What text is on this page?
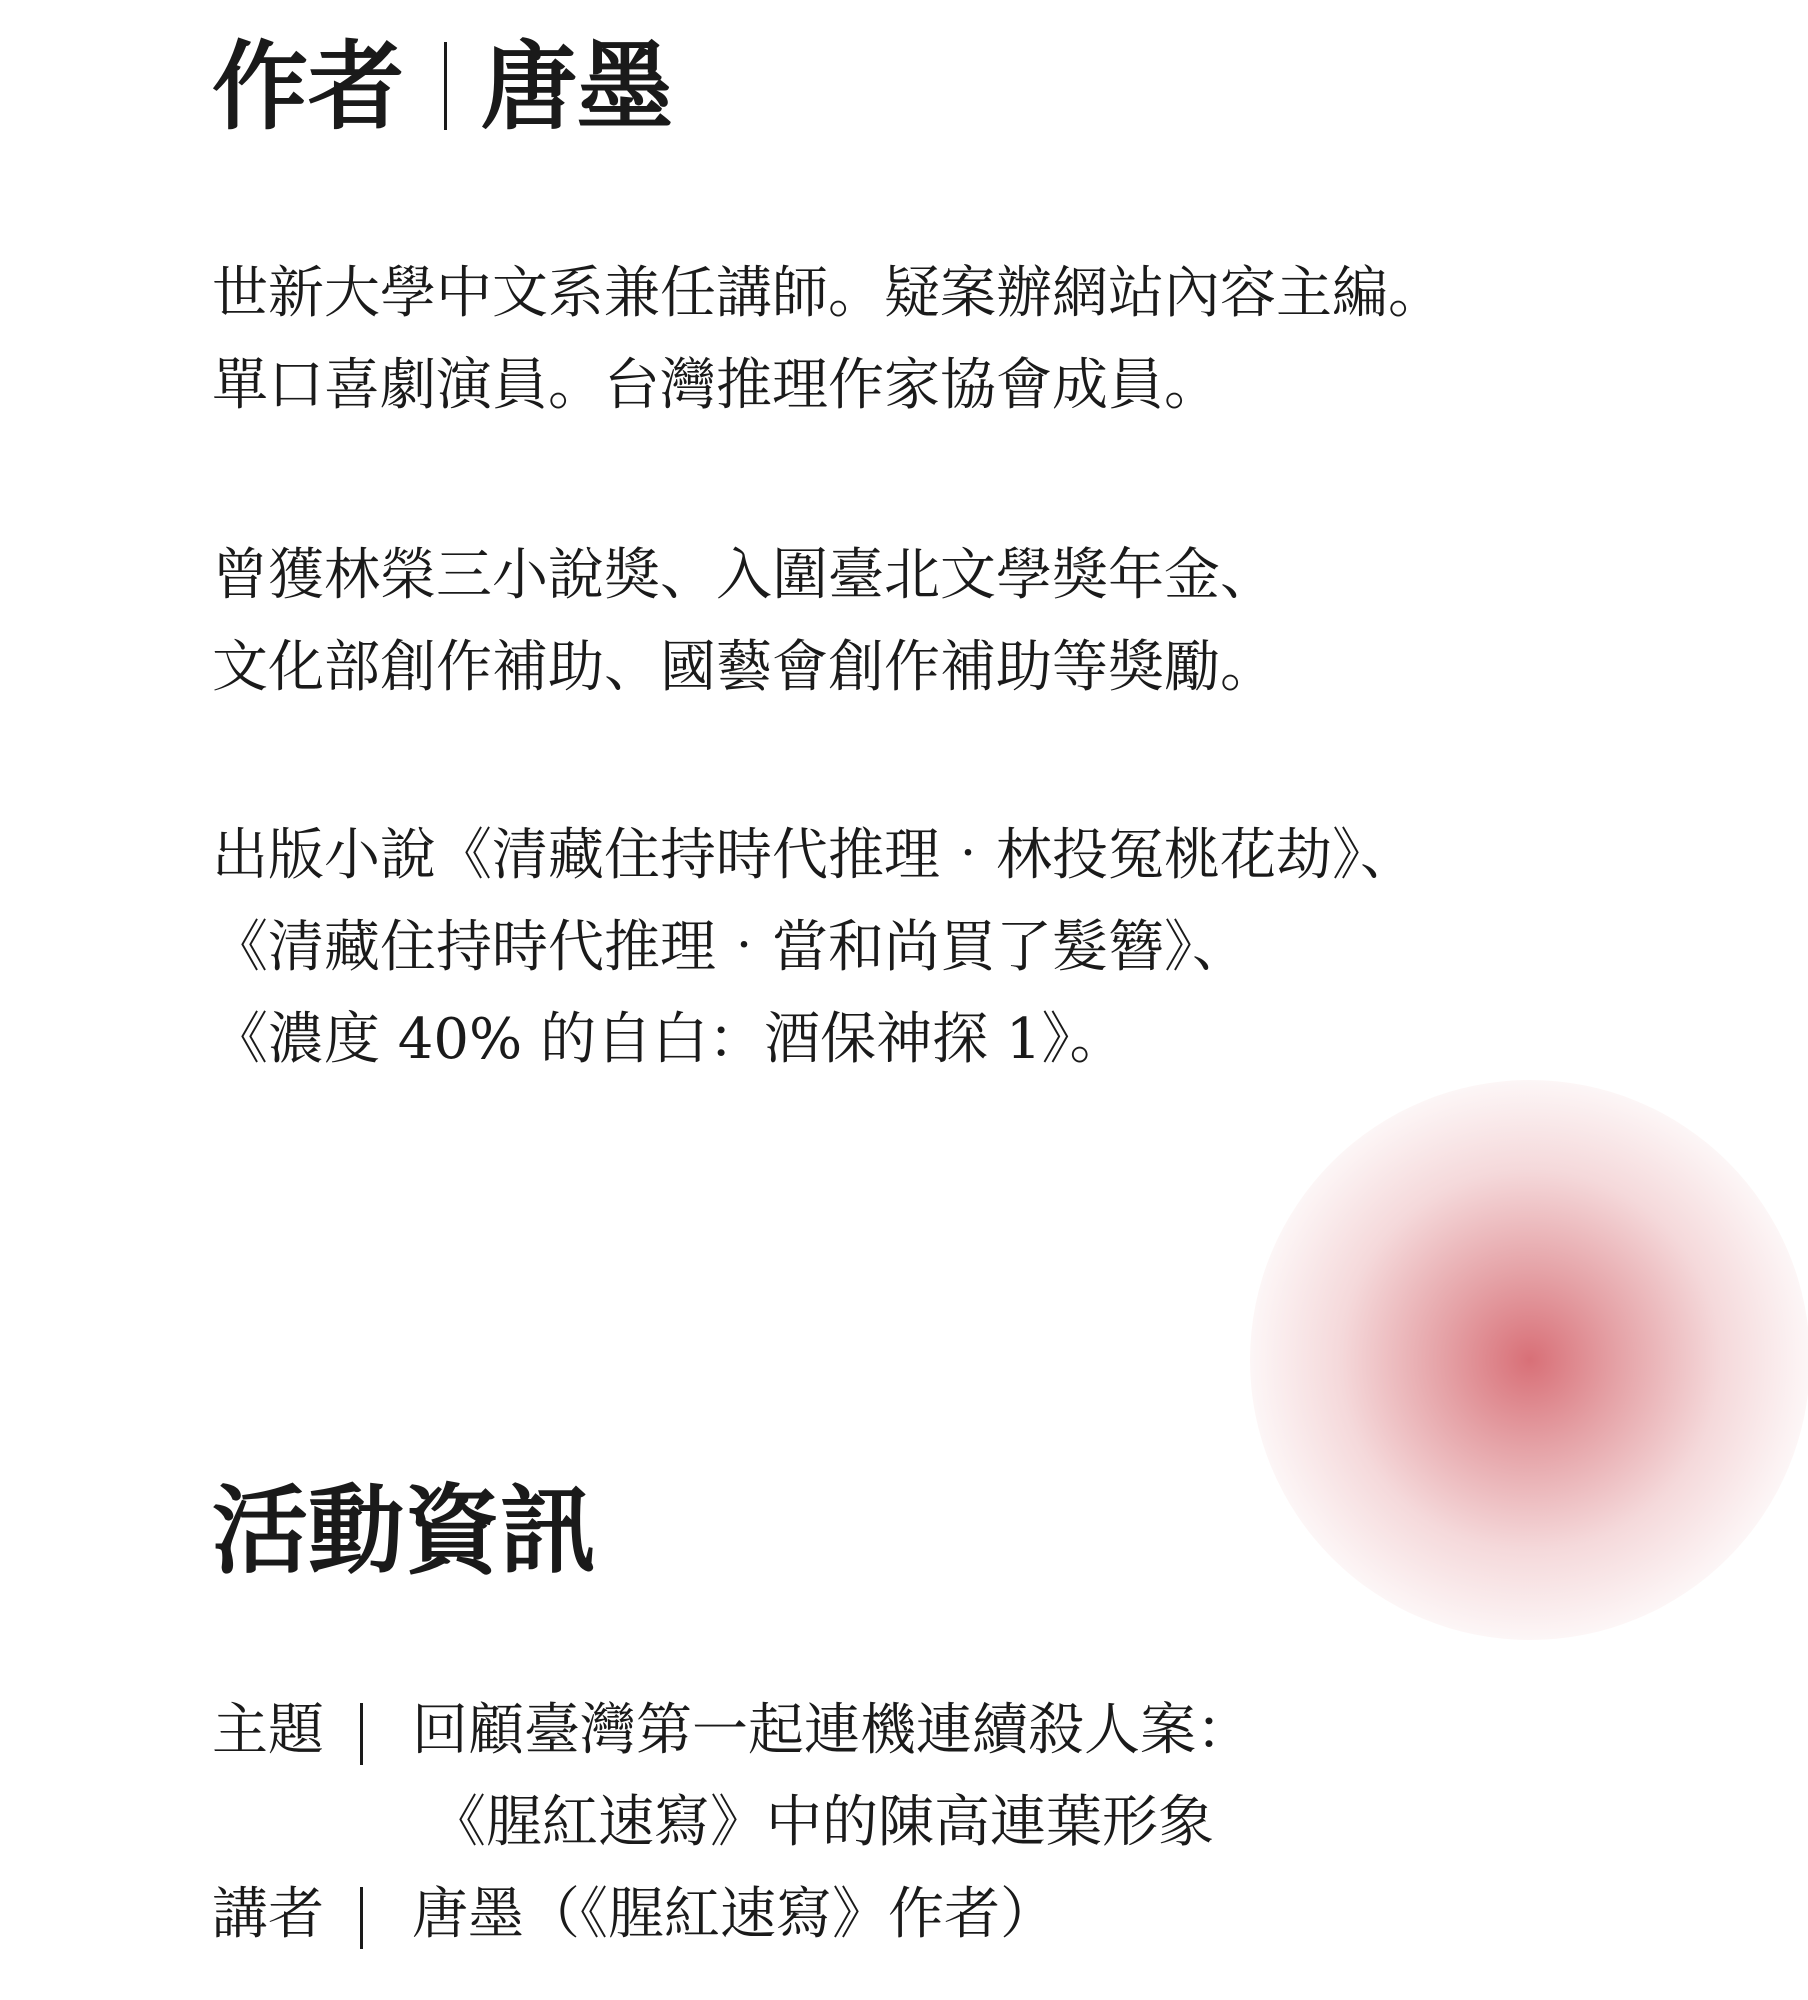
作者 唐墨
世新大學中文系兼任講師。疑案辦網站內容主編。
單口喜劇演員。台灣推理作家協會成員。
曾獲林榮三小說獎、入圍臺北文學獎年金、
文化部創作補助、國藝會創作補助等獎勵。
出版小說《清藏住持時代推理‧林投冤桃花劫》、
《清藏住持時代推理‧當和尚買了髮簪》、
《濃度 40% 的自白：酒保神探 1》。
活動資訊
主題 回顧臺灣第一起連機連續殺人案：
《腥紅速寫》中的陳高連葉形象
講者 唐墨（《腥紅速寫》作者）
